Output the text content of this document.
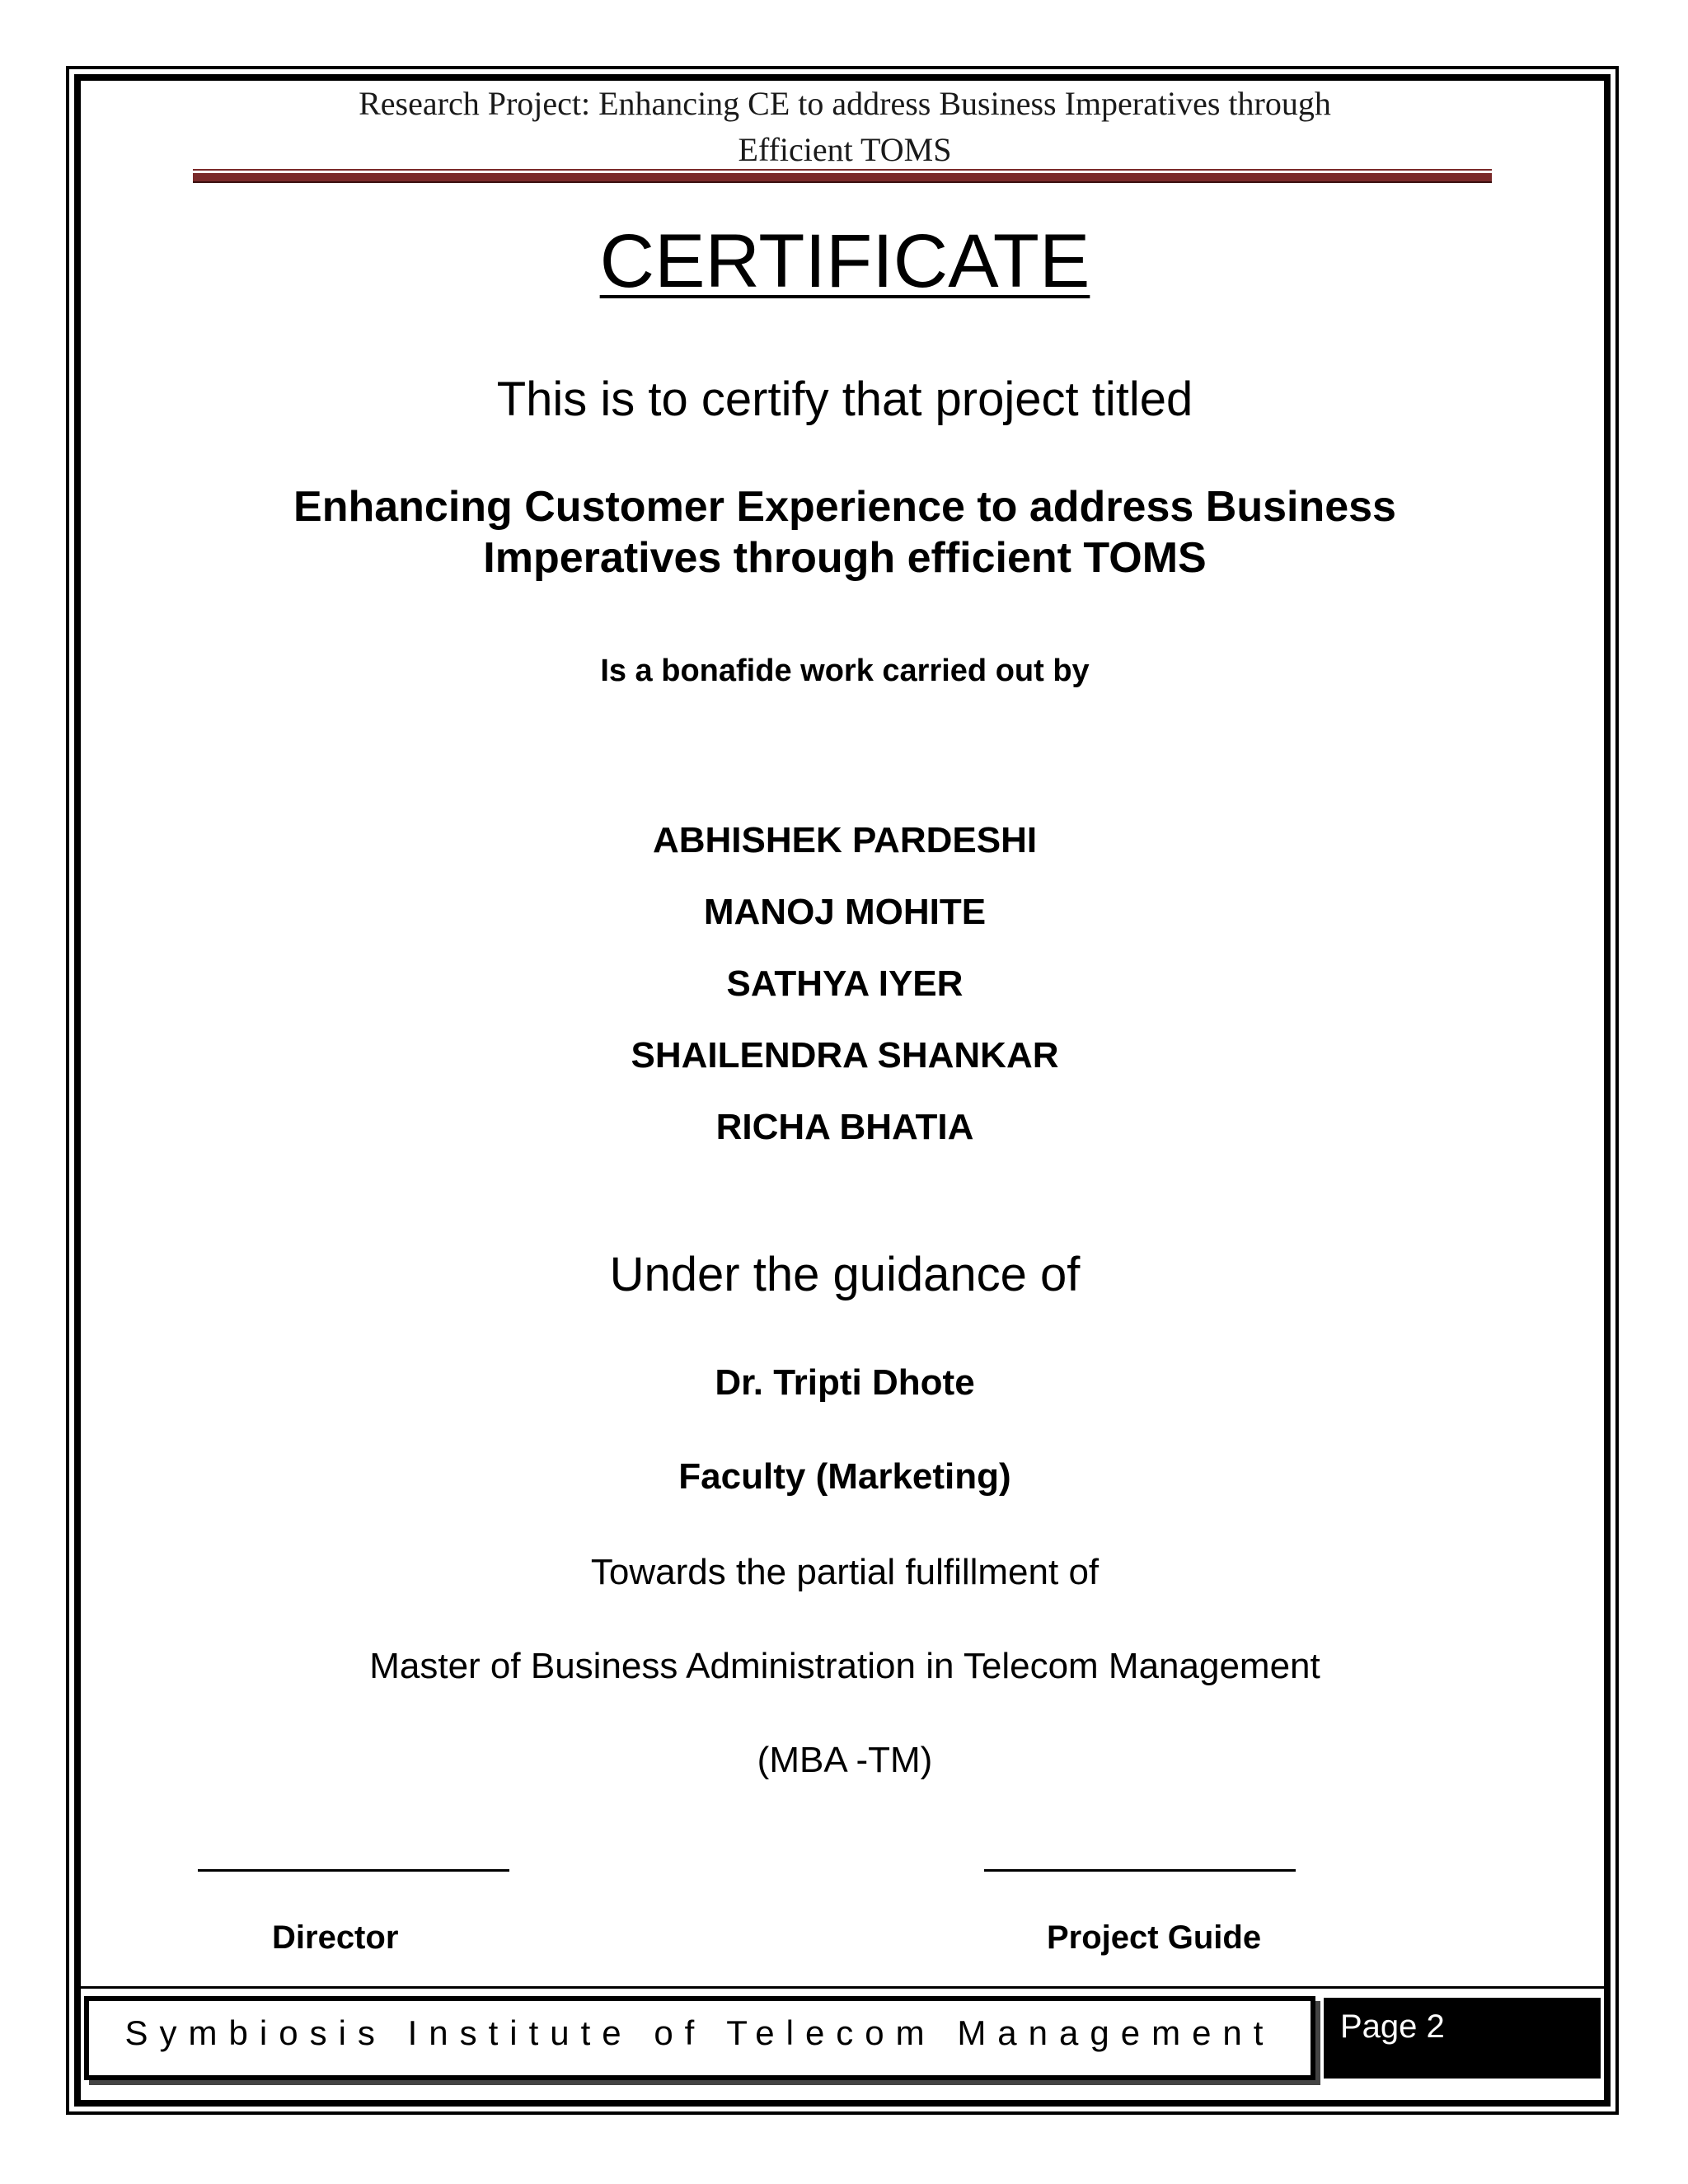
Research Project: Enhancing CE to address Business Imperatives through
Efficient TOMS
CERTIFICATE
This is to certify that project titled
Enhancing Customer Experience to address Business
Imperatives through efficient TOMS
Is a bonafide work carried out by
ABHISHEK PARDESHI
MANOJ MOHITE
SATHYA IYER
SHAILENDRA SHANKAR
RICHA BHATIA
Under the guidance of
Dr. Tripti Dhote
Faculty (Marketing)
Towards the partial fulfillment of
Master of Business Administration in Telecom Management
(MBA -TM)
Director	Project Guide
Symbiosis Institute of Telecom Management	Page 2
